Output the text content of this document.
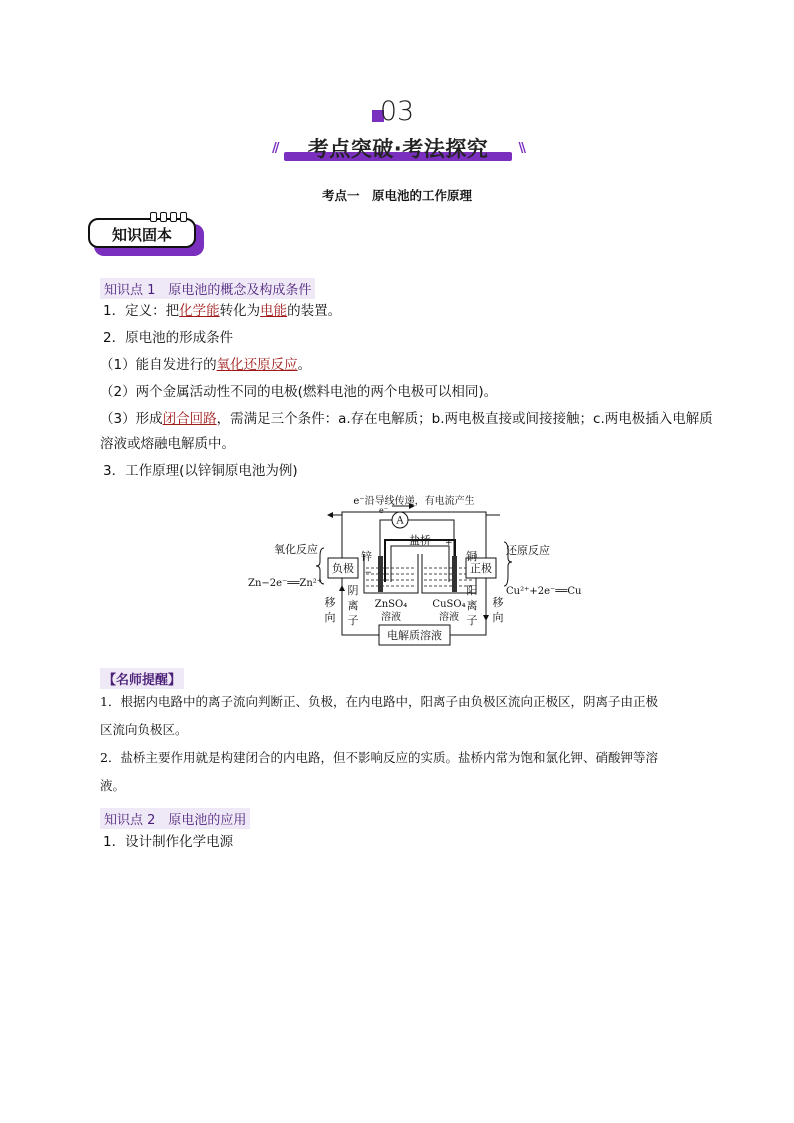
03
//	考点突破·考法探究	\\
考点一　原电池的工作原理
知识固本
知识点 1　原电池的概念及构成条件
1．定义：把化学能转化为电能的装置。
2．原电池的形成条件
（1）能自发进行的氧化还原反应。
（2）两个金属活动性不同的电极(燃料电池的两个电极可以相同)。
（3）形成闭合回路，需满足三个条件：a.存在电解质；b.两电极直接或间接接触；c.两电极插入电解质
溶液或熔融电解质中。
3．工作原理(以锌铜原电池为例)
e⁻沿导线传递，有电流产生
A
e⁻
锌	铜
盐桥
−
+
负极	正极
氧化反应	还原反应
Zn−2e⁻══Zn²⁺
Cu²⁺+2e⁻══Cu
移
向
阴
离
子
阳
离
子
移
向
ZnSO₄
溶液
CuSO₄
溶液
电解质溶液
【名师提醒】
1．根据内电路中的离子流向判断正、负极，在内电路中，阳离子由负极区流向正极区，阴离子由正极
区流向负极区。
2．盐桥主要作用就是构建闭合的内电路，但不影响反应的实质。盐桥内常为饱和氯化钾、硝酸钾等溶
液。
知识点 2　原电池的应用
1．设计制作化学电源
